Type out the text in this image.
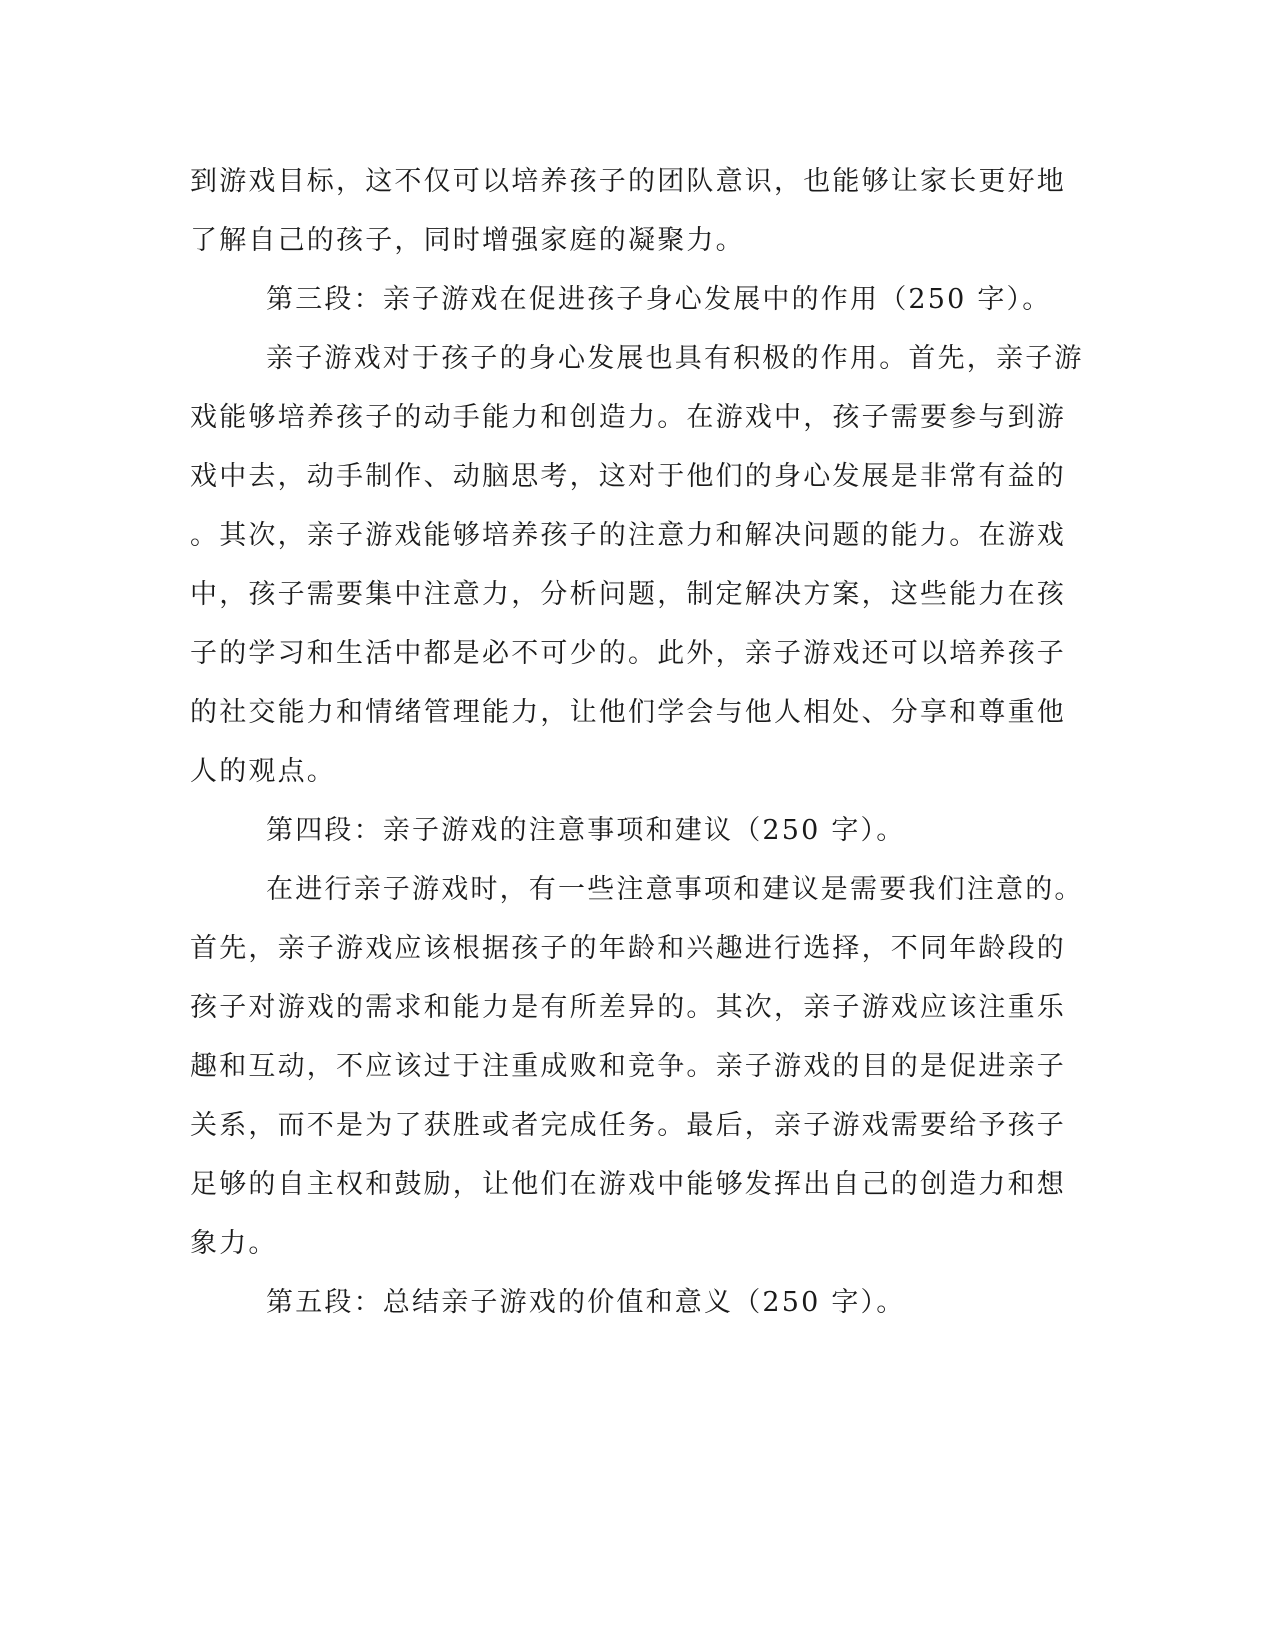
到游戏目标，这不仅可以培养孩子的团队意识，也能够让家长更好地
了解自己的孩子，同时增强家庭的凝聚力。
第三段：亲子游戏在促进孩子身心发展中的作用（250 字）。
亲子游戏对于孩子的身心发展也具有积极的作用。首先，亲子游
戏能够培养孩子的动手能力和创造力。在游戏中，孩子需要参与到游
戏中去，动手制作、动脑思考，这对于他们的身心发展是非常有益的
。其次，亲子游戏能够培养孩子的注意力和解决问题的能力。在游戏
中，孩子需要集中注意力，分析问题，制定解决方案，这些能力在孩
子的学习和生活中都是必不可少的。此外，亲子游戏还可以培养孩子
的社交能力和情绪管理能力，让他们学会与他人相处、分享和尊重他
人的观点。
第四段：亲子游戏的注意事项和建议（250 字）。
在进行亲子游戏时，有一些注意事项和建议是需要我们注意的。
首先，亲子游戏应该根据孩子的年龄和兴趣进行选择，不同年龄段的
孩子对游戏的需求和能力是有所差异的。其次，亲子游戏应该注重乐
趣和互动，不应该过于注重成败和竞争。亲子游戏的目的是促进亲子
关系，而不是为了获胜或者完成任务。最后，亲子游戏需要给予孩子
足够的自主权和鼓励，让他们在游戏中能够发挥出自己的创造力和想
象力。
第五段：总结亲子游戏的价值和意义（250 字）。
